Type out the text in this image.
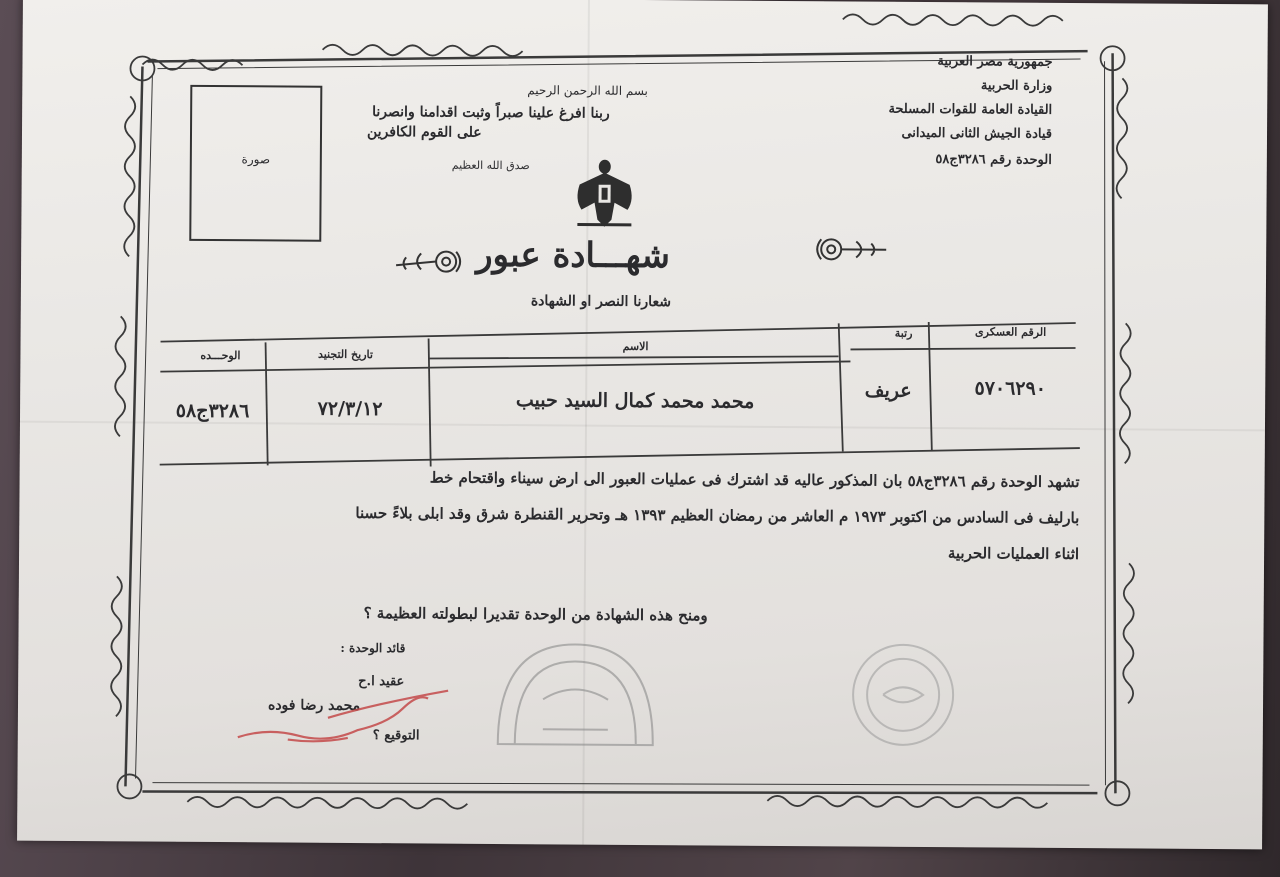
جمهورية مصر العربية
وزارة الحربية
القيادة العامة للقوات المسلحة
قيادة الجيش الثانى الميدانى
الوحدة رقم ٣٢٨٦ج٥٨
صورة
بسم الله الرحمن الرحيم
ربنا افرغ علينا صبراً وثبت اقدامنا وانصرنا
على القوم الكافرين
صدق الله العظيم
شهـــادة عبور
شعارنا النصر او الشهادة
الرقم العسكرى
رتبة
الاسم
تاريخ التجنيد
الوحـــده
٥٧٠٦٢٩٠
عريف
محمد محمد كمال السيد حبيب
٧٢/٣/١٢
٣٢٨٦ج٥٨
تشهد الوحدة رقم ٣٢٨٦ج٥٨ بان المذكور عاليه قد اشترك فى عمليات العبور الى ارض سيناء واقتحام خط
بارليف فى السادس من اكتوبر ١٩٧٣ م العاشر من رمضان العظيم ١٣٩٣ هـ وتحرير القنطرة شرق وقد ابلى بلاءً حسنا
اثناء العمليات الحربية
ومنح هذه الشهادة من الوحدة تقديرا لبطولته العظيمة ؟
قائد الوحدة :
عقيد ا.ح
محمد رضا فوده
التوقيع ؟
